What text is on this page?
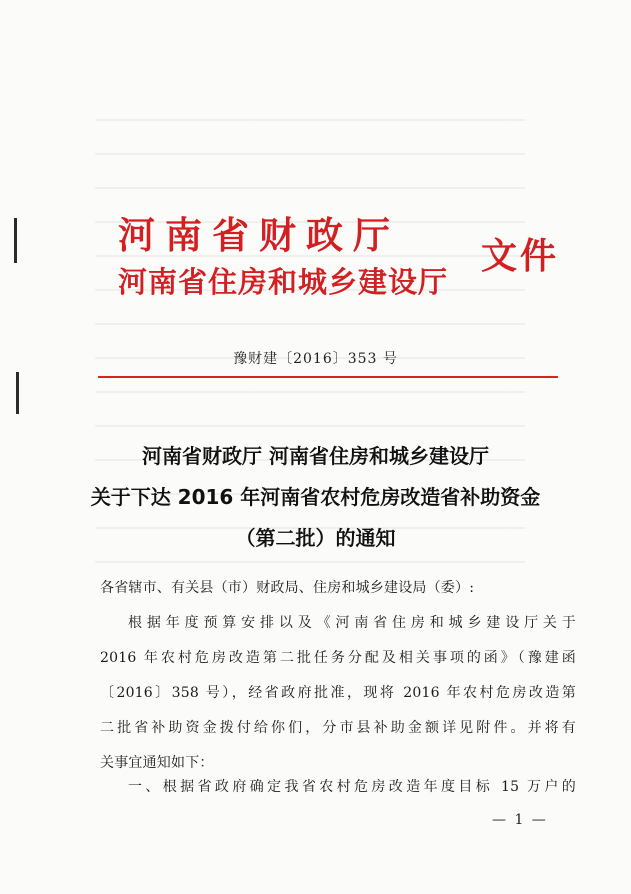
河南省财政厅
河南省住房和城乡建设厅
文件
豫财建〔2016〕353 号
河南省财政厅 河南省住房和城乡建设厅
关于下达 2016 年河南省农村危房改造省补助资金
（第二批）的通知
各省辖市、有关县（市）财政局、住房和城乡建设局（委）:
根据年度预算安排以及《河南省住房和城乡建设厅关于
2016 年农村危房改造第二批任务分配及相关事项的函》（豫建函
〔2016〕358 号），经省政府批准，现将 2016 年农村危房改造第
二批省补助资金拨付给你们，分市县补助金额详见附件。并将有
关事宜通知如下：
一、根据省政府确定我省农村危房改造年度目标 15 万户的
— 1 —
